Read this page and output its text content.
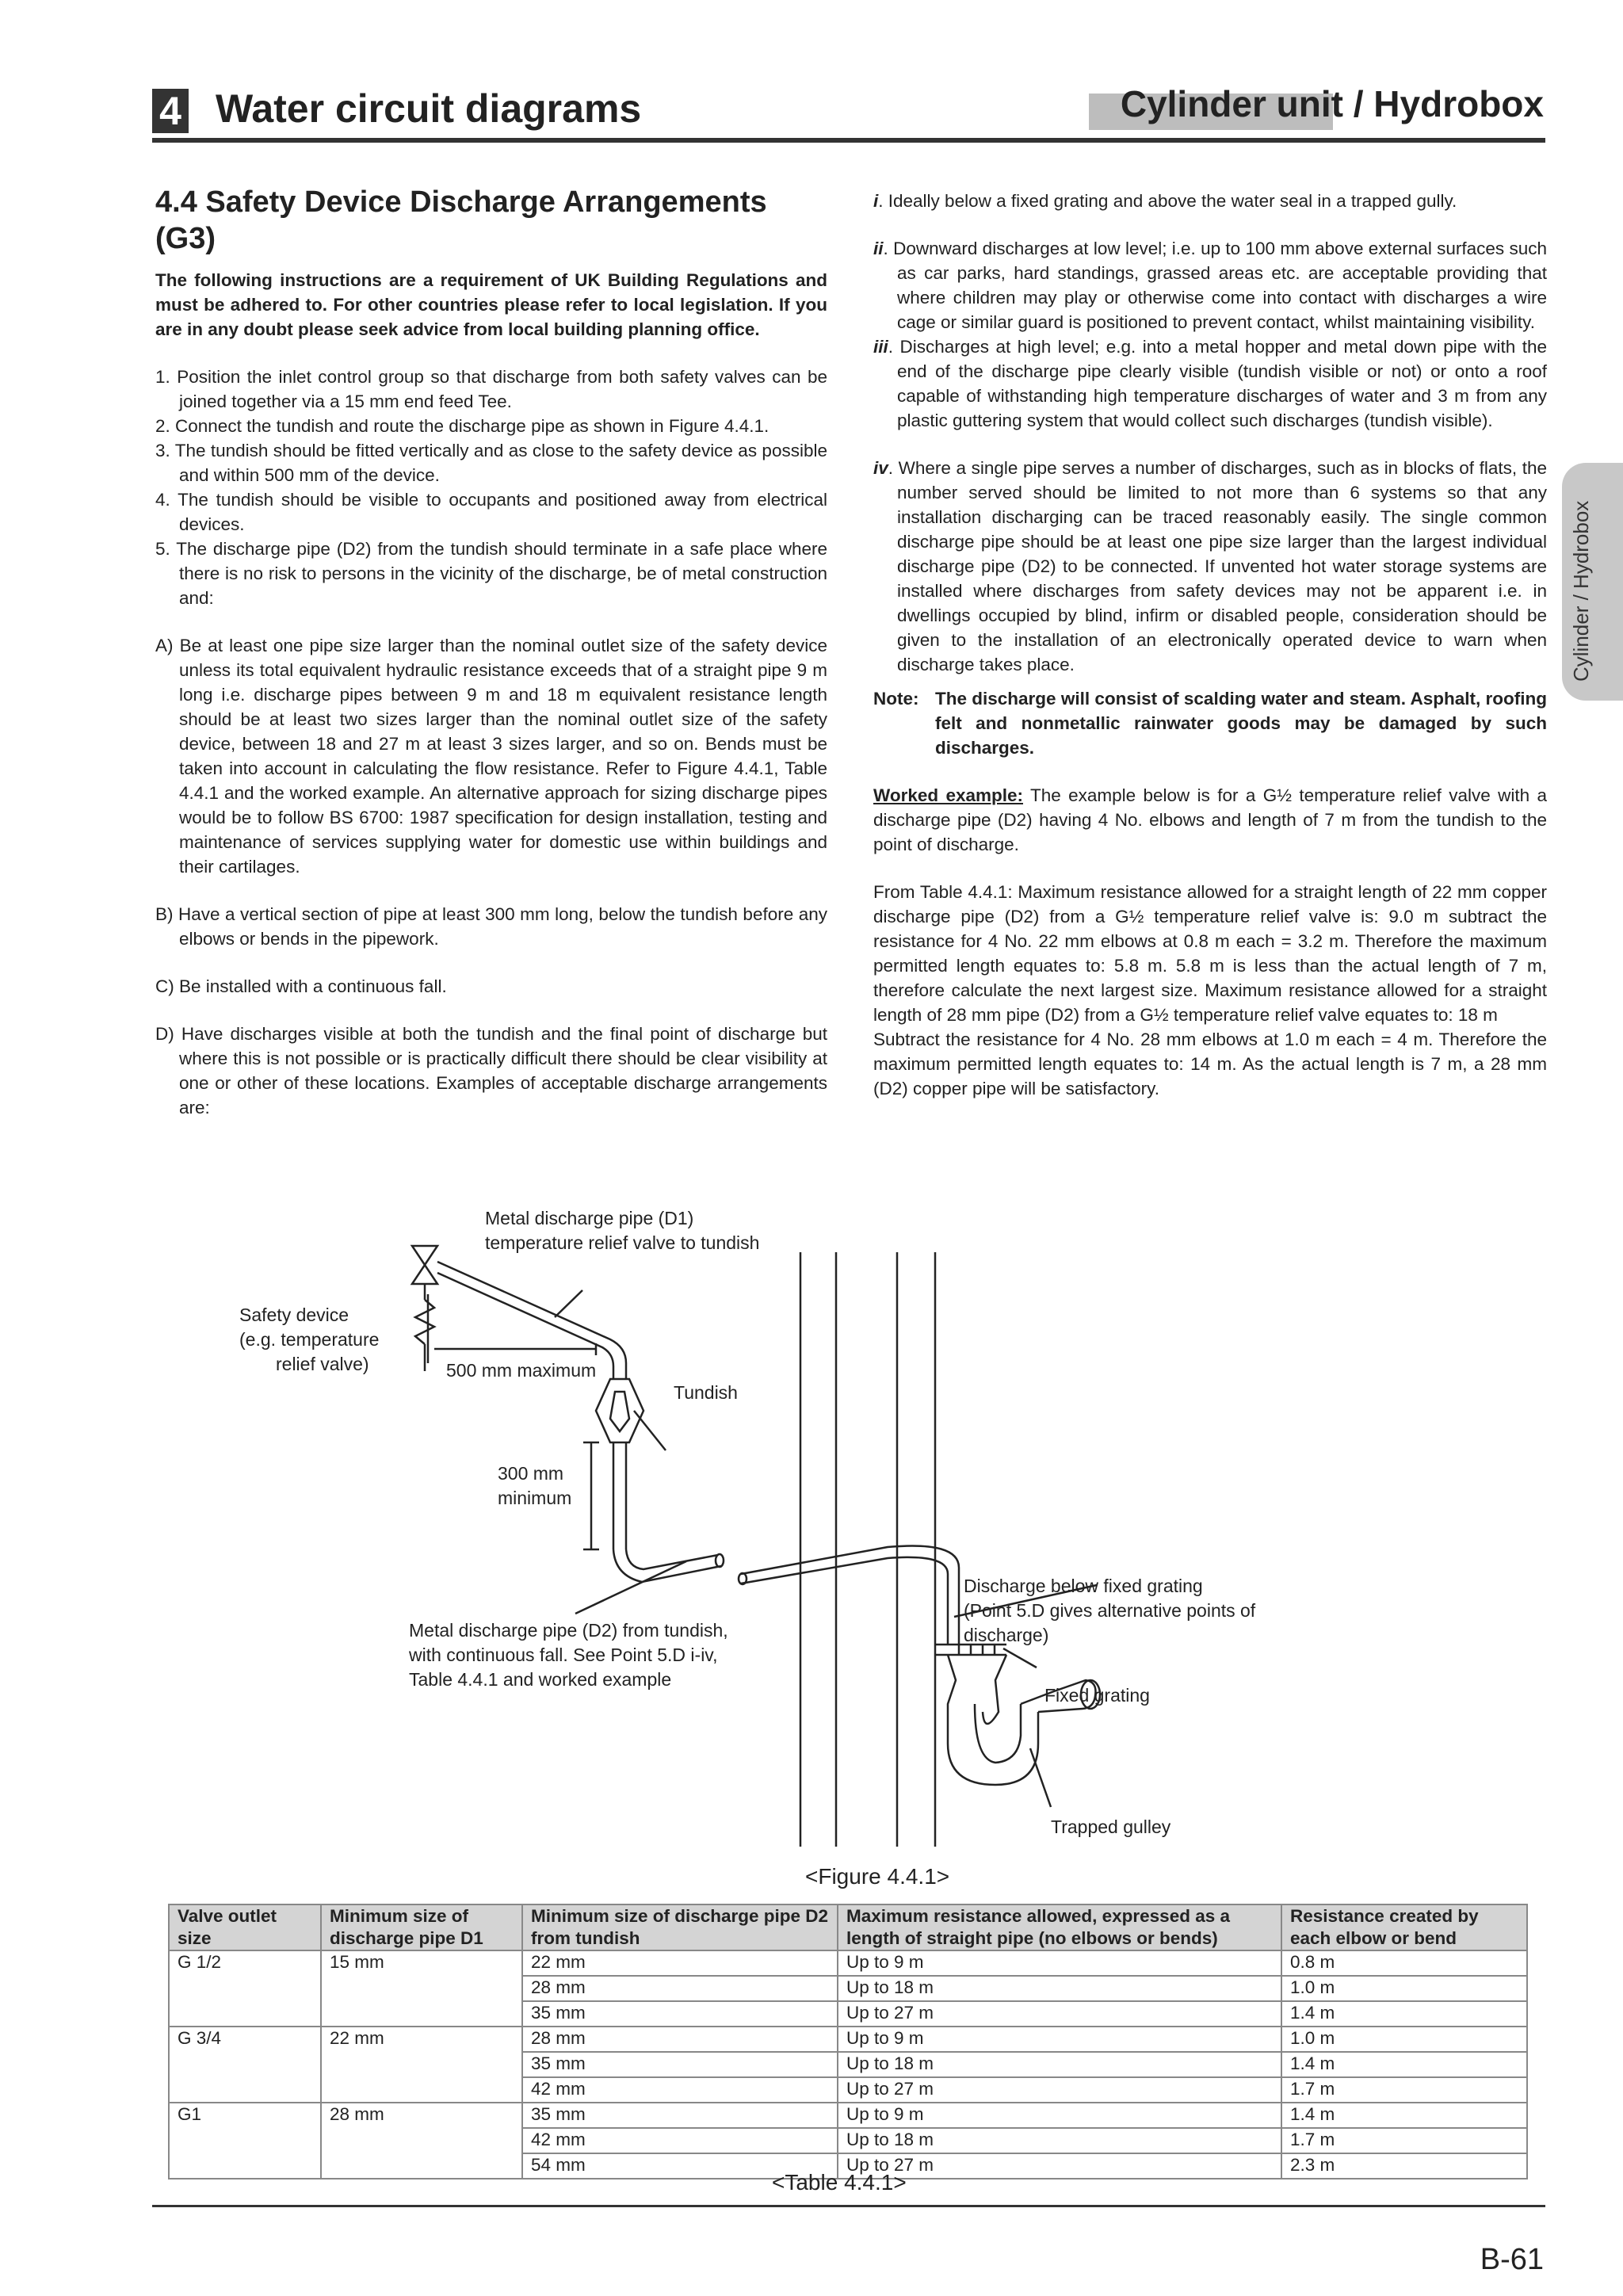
4 Water circuit diagrams	Cylinder unit / Hydrobox
Cylinder / Hydrobox

4.4 Safety Device Discharge Arrangements (G3)

The following instructions are a requirement of UK Building Regulations and must be adhered to. For other countries please refer to local legislation. If you are in any doubt please seek advice from local building planning office.

1. Position the inlet control group so that discharge from both safety valves can be joined together via a 15 mm end feed Tee.

2. Connect the tundish and route the discharge pipe as shown in Figure 4.4.1.

3. The tundish should be fitted vertically and as close to the safety device as possible and within 500 mm of the device.

4. The tundish should be visible to occupants and positioned away from electrical devices.

5. The discharge pipe (D2) from the tundish should terminate in a safe place where there is no risk to persons in the vicinity of the discharge, be of metal construction and:

A) Be at least one pipe size larger than the nominal outlet size of the safety device unless its total equivalent hydraulic resistance exceeds that of a straight pipe 9 m long i.e. discharge pipes between 9 m and 18 m equivalent resistance length should be at least two sizes larger than the nominal outlet size of the safety device, between 18 and 27 m at least 3 sizes larger, and so on. Bends must be taken into account in calculating the flow resistance. Refer to Figure 4.4.1, Table 4.4.1 and the worked example. An alternative approach for sizing discharge pipes would be to follow BS 6700: 1987 specification for design installation, testing and maintenance of services supplying water for domestic use within buildings and their cartilages.

B) Have a vertical section of pipe at least 300 mm long, below the tundish before any elbows or bends in the pipework.

C) Be installed with a continuous fall.

D) Have discharges visible at both the tundish and the final point of discharge but where this is not possible or is practically difficult there should be clear visibility at one or other of these locations. Examples of acceptable discharge arrangements are:

i. Ideally below a fixed grating and above the water seal in a trapped gully.

ii. Downward discharges at low level; i.e. up to 100 mm above external surfaces such as car parks, hard standings, grassed areas etc. are acceptable providing that where children may play or otherwise come into contact with discharges a wire cage or similar guard is positioned to prevent contact, whilst maintaining visibility.

iii. Discharges at high level; e.g. into a metal hopper and metal down pipe with the end of the discharge pipe clearly visible (tundish visible or not) or onto a roof capable of withstanding high temperature discharges of water and 3 m from any plastic guttering system that would collect such discharges (tundish visible).

iv. Where a single pipe serves a number of discharges, such as in blocks of flats, the number served should be limited to not more than 6 systems so that any installation discharging can be traced reasonably easily. The single common discharge pipe should be at least one pipe size larger than the largest individual discharge pipe (D2) to be connected. If unvented hot water storage systems are installed where discharges from safety devices may not be apparent i.e. in dwellings occupied by blind, infirm or disabled people, consideration should be given to the installation of an electronically operated device to warn when discharge takes place.

Note: The discharge will consist of scalding water and steam. Asphalt, roofing felt and nonmetallic rainwater goods may be damaged by such discharges.

Worked example: The example below is for a G½ temperature relief valve with a discharge pipe (D2) having 4 No. elbows and length of 7 m from the tundish to the point of discharge.

From Table 4.4.1: Maximum resistance allowed for a straight length of 22 mm copper discharge pipe (D2) from a G½ temperature relief valve is: 9.0 m subtract the resistance for 4 No. 22 mm elbows at 0.8 m each = 3.2 m. Therefore the maximum permitted length equates to: 5.8 m. 5.8 m is less than the actual length of 7 m, therefore calculate the next largest size. Maximum resistance allowed for a straight length of 28 mm pipe (D2) from a G½ temperature relief valve equates to: 18 m

Subtract the resistance for 4 No. 28 mm elbows at 1.0 m each = 4 m. Therefore the maximum permitted length equates to: 14 m. As the actual length is 7 m, a 28 mm (D2) copper pipe will be satisfactory.

Metal discharge pipe (D1)
temperature relief valve to tundish
Safety device
(e.g. temperature
relief valve)	500 mm maximum
Tundish
300 mm
minimum
Metal discharge pipe (D2) from tundish,
with continuous fall. See Point 5.D i-iv,
Table 4.4.1 and worked example
Discharge below fixed grating
(Point 5.D gives alternative points of
discharge)
Fixed grating
Trapped gulley
<Figure 4.4.1>
Valve outlet size	Minimum size of discharge pipe D1	Minimum size of discharge pipe D2 from tundish	Maximum resistance allowed, expressed as a length of straight pipe (no elbows or bends)	Resistance created by each elbow or bend
G 1/2	15 mm	22 mm	Up to 9 m	0.8 m
		28 mm	Up to 18 m	1.0 m
		35 mm	Up to 27 m	1.4 m
G 3/4	22 mm	28 mm	Up to 9 m	1.0 m
		35 mm	Up to 18 m	1.4 m
		42 mm	Up to 27 m	1.7 m
G1	28 mm	35 mm	Up to 9 m	1.4 m
		42 mm	Up to 18 m	1.7 m
		54 mm	Up to 27 m	2.3 m
<Table 4.4.1>
B-61
